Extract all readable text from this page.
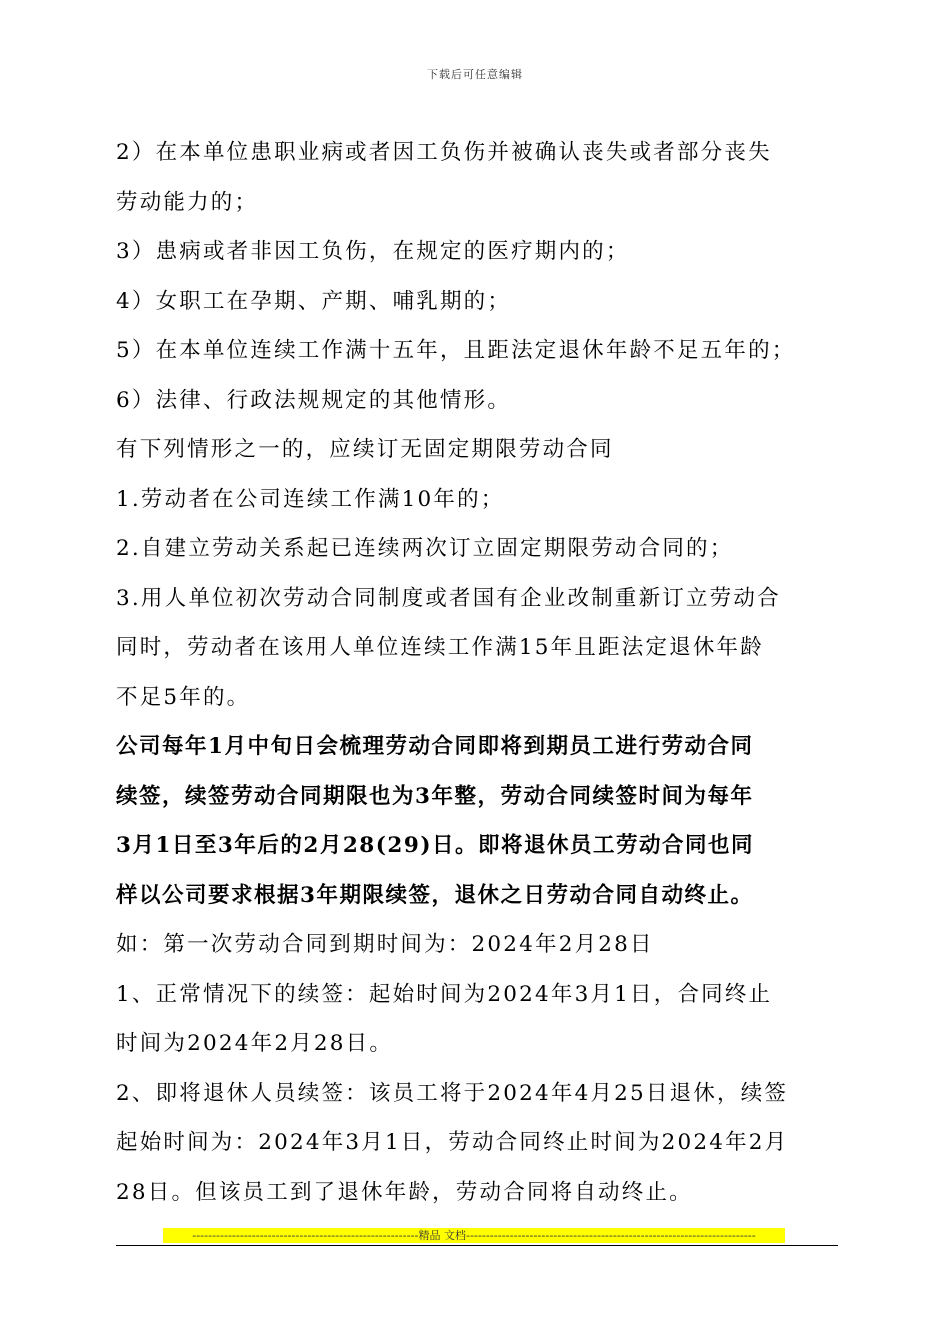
下载后可任意编辑
2）在本单位患职业病或者因工负伤并被确认丧失或者部分丧失
劳动能力的；
3）患病或者非因工负伤，在规定的医疗期内的；
4）女职工在孕期、产期、哺乳期的；
5）在本单位连续工作满十五年，且距法定退休年龄不足五年的；
6）法律、行政法规规定的其他情形。
有下列情形之一的，应续订无固定期限劳动合同
1.劳动者在公司连续工作满10年的；
2.自建立劳动关系起已连续两次订立固定期限劳动合同的；
3.用人单位初次劳动合同制度或者国有企业改制重新订立劳动合
同时，劳动者在该用人单位连续工作满15年且距法定退休年龄
不足5年的。
公司每年1月中旬日会梳理劳动合同即将到期员工进行劳动合同
续签，续签劳动合同期限也为3年整，劳动合同续签时间为每年
3月1日至3年后的2月28(29)日。即将退休员工劳动合同也同
样以公司要求根据3年期限续签，退休之日劳动合同自动终止。
如：第一次劳动合同到期时间为：2024年2月28日
1、正常情况下的续签：起始时间为2024年3月1日，合同终止
时间为2024年2月28日。
2、即将退休人员续签：该员工将于2024年4月25日退休，续签
起始时间为：2024年3月1日，劳动合同终止时间为2024年2月
28日。但该员工到了退休年龄，劳动合同将自动终止。
---------------------------------------------------------精品 文档-------------------------------------------------------------------------
